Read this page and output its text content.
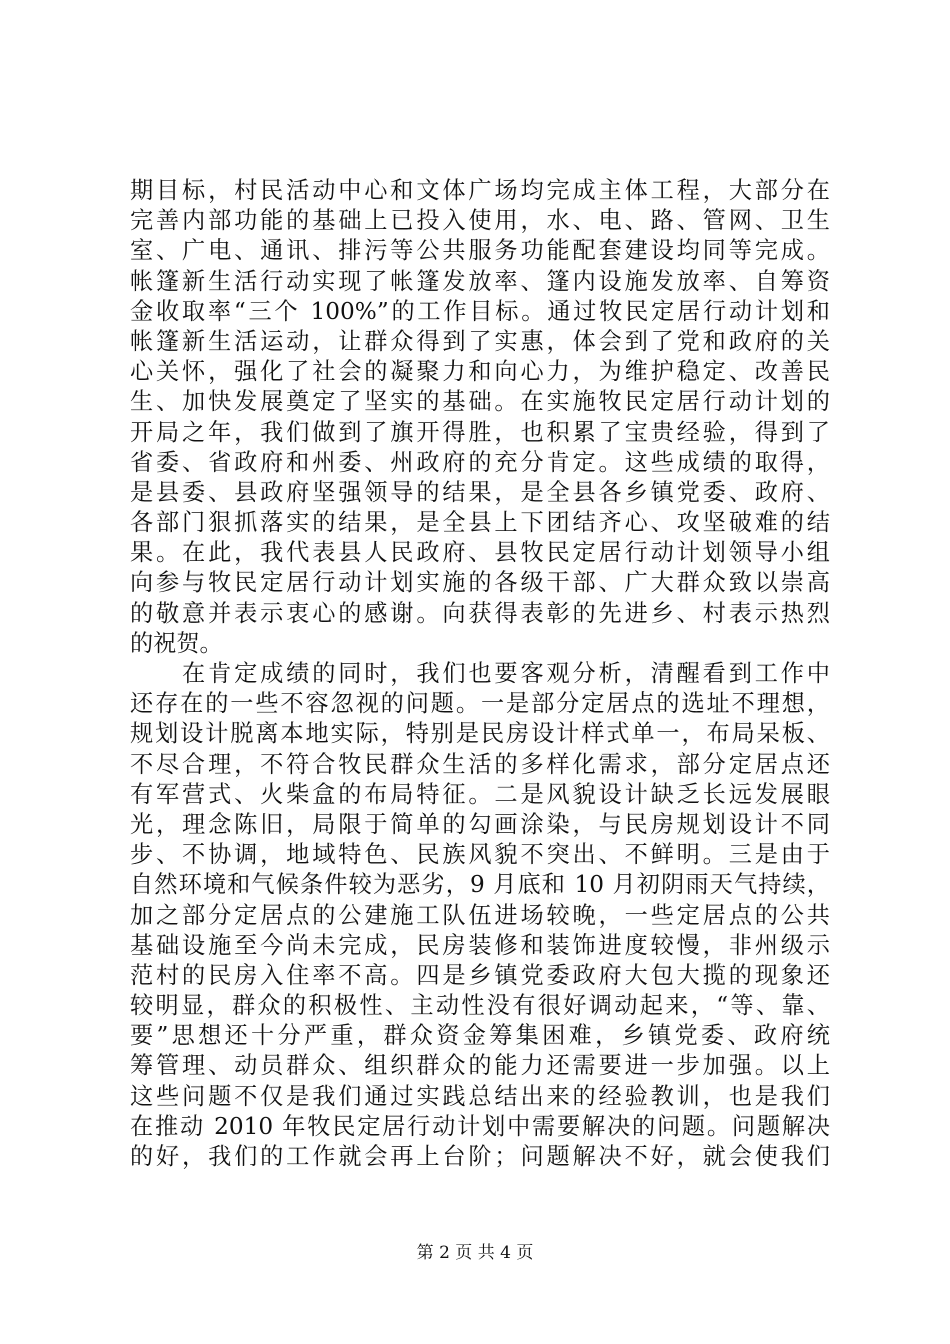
期目标，村民活动中心和文体广场均完成主体工程，大部分在
完善内部功能的基础上已投入使用，水、电、路、管网、卫生
室、广电、通讯、排污等公共服务功能配套建设均同等完成。
帐篷新生活行动实现了帐篷发放率、篷内设施发放率、自筹资
金收取率“三个 100%”的工作目标。通过牧民定居行动计划和
帐篷新生活运动，让群众得到了实惠，体会到了党和政府的关
心关怀，强化了社会的凝聚力和向心力，为维护稳定、改善民
生、加快发展奠定了坚实的基础。在实施牧民定居行动计划的
开局之年，我们做到了旗开得胜，也积累了宝贵经验，得到了
省委、省政府和州委、州政府的充分肯定。这些成绩的取得，
是县委、县政府坚强领导的结果，是全县各乡镇党委、政府、
各部门狠抓落实的结果，是全县上下团结齐心、攻坚破难的结
果。在此，我代表县人民政府、县牧民定居行动计划领导小组
向参与牧民定居行动计划实施的各级干部、广大群众致以崇高
的敬意并表示衷心的感谢。向获得表彰的先进乡、村表示热烈
的祝贺。
　　在肯定成绩的同时，我们也要客观分析，清醒看到工作中
还存在的一些不容忽视的问题。一是部分定居点的选址不理想，
规划设计脱离本地实际，特别是民房设计样式单一，布局呆板、
不尽合理，不符合牧民群众生活的多样化需求，部分定居点还
有军营式、火柴盒的布局特征。二是风貌设计缺乏长远发展眼
光，理念陈旧，局限于简单的勾画涂染，与民房规划设计不同
步、不协调，地域特色、民族风貌不突出、不鲜明。三是由于
自然环境和气候条件较为恶劣，9 月底和 10 月初阴雨天气持续，
加之部分定居点的公建施工队伍进场较晚，一些定居点的公共
基础设施至今尚未完成，民房装修和装饰进度较慢，非州级示
范村的民房入住率不高。四是乡镇党委政府大包大揽的现象还
较明显，群众的积极性、主动性没有很好调动起来，“等、靠、
要”思想还十分严重，群众资金筹集困难，乡镇党委、政府统
筹管理、动员群众、组织群众的能力还需要进一步加强。以上
这些问题不仅是我们通过实践总结出来的经验教训，也是我们
在推动 2010 年牧民定居行动计划中需要解决的问题。问题解决
的好，我们的工作就会再上台阶；问题解决不好，就会使我们
第 2 页 共 4 页
